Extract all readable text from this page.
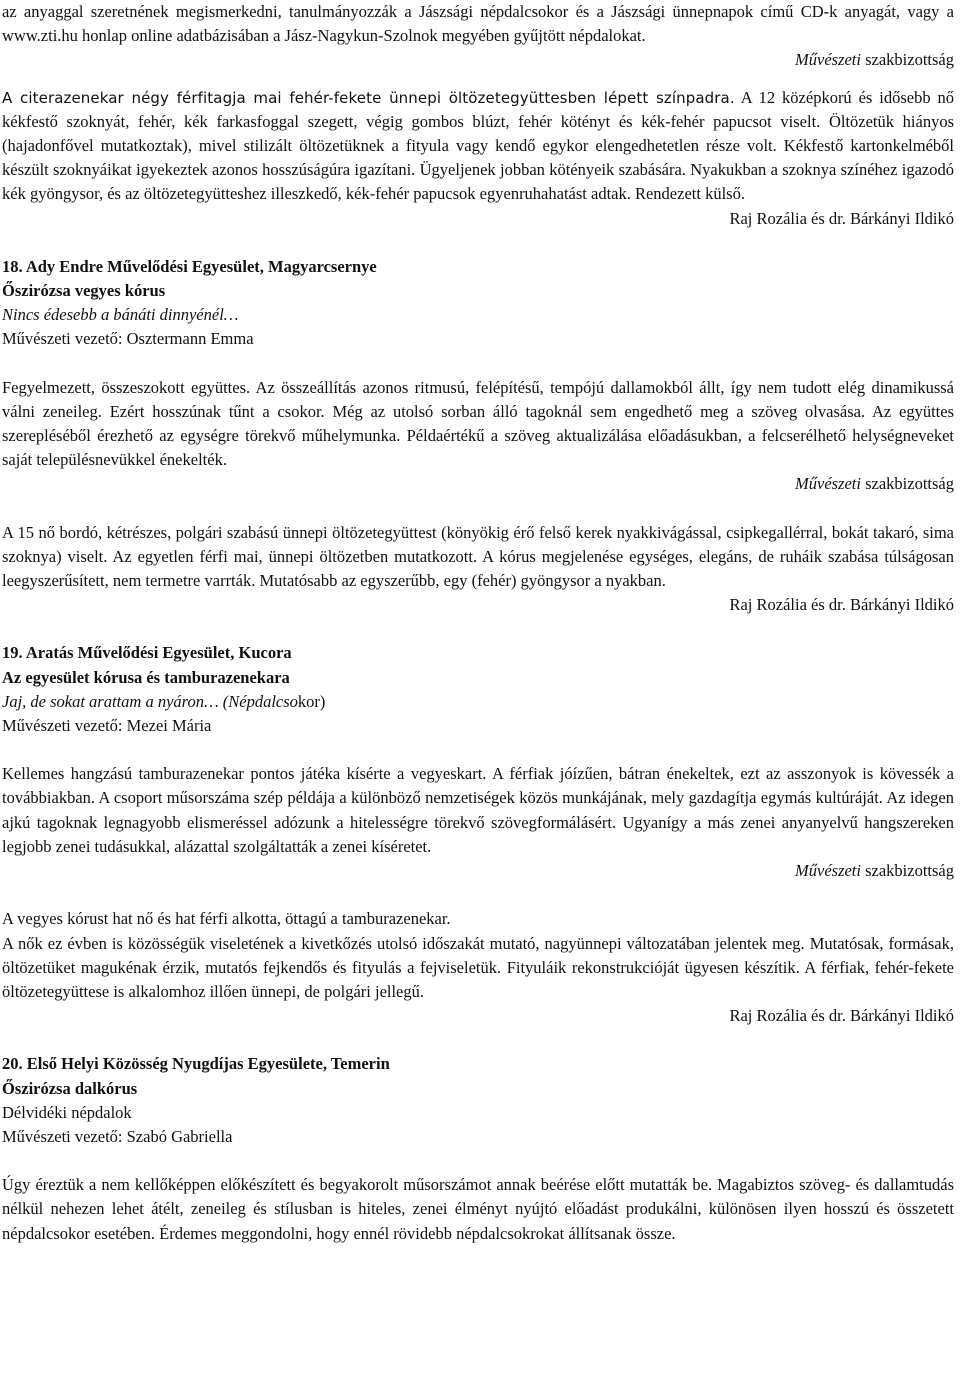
az anyaggal szeretnének megismerkedni, tanulmányozzák a Jászsági népdalcsokor és a Jászsági ünnepnapok című CD-k anyagát, vagy a www.zti.hu honlap online adatbázisában a Jász-Nagykun-Szolnok megyében gyűjtött népdalokat.

Művészeti szakbizottság

A citerazenekar négy férfitagja mai fehér-fekete ünnepi öltözetegyüttesben lépett színpadra. A 12 középkorú és idősebb nő kékfestő szoknyát, fehér, kék farkasfoggal szegett, végig gombos blúzt, fehér kötényt és kék-fehér papucsot viselt. Öltözetük hiányos (hajadonfővel mutatkoztak), mivel stilizált öltözetüknek a fityula vagy kendő egykor elengedhetetlen része volt. Kékfestő kartonkelméből készült szoknyáikat igyekeztek azonos hosszúságúra igazítani. Ügyeljenek jobban kötényeik szabására. Nyakukban a szoknya színéhez igazodó kék gyöngysor, és az öltözetegyütteshez illeszkedő, kék-fehér papucsok egyenruhahatást adtak. Rendezett külső.

Raj Rozália és dr. Bárkányi Ildikó

18. Ady Endre Művelődési Egyesület, Magyarcsernye

Őszirózsa vegyes kórus

Nincs édesebb a bánáti dinnyénél…

Művészeti vezető: Osztermann Emma

Fegyelmezett, összeszokott együttes. Az összeállítás azonos ritmusú, felépítésű, tempójú dallamokból állt, így nem tudott elég dinamikussá válni zeneileg. Ezért hosszúnak tűnt a csokor. Még az utolsó sorban álló tagoknál sem engedhető meg a szöveg olvasása. Az együttes szerepléséből érezhető az egységre törekvő műhelymunka. Példaértékű a szöveg aktualizálása előadásukban, a felcserélhető helységneveket saját településnevükkel énekelték.

Művészeti szakbizottság

A 15 nő bordó, kétrészes, polgári szabású ünnepi öltözetegyüttest (könyökig érő felső kerek nyakkivágással, csipkegallérral, bokát takaró, sima szoknya) viselt. Az egyetlen férfi mai, ünnepi öltözetben mutatkozott. A kórus megjelenése egységes, elegáns, de ruháik szabása túlságosan leegyszerűsített, nem termetre varrták. Mutatósabb az egyszerűbb, egy (fehér) gyöngysor a nyakban.

Raj Rozália és dr. Bárkányi Ildikó

19. Aratás Művelődési Egyesület, Kucora

Az egyesület kórusa és tamburazenekara

Jaj, de sokat arattam a nyáron… (Népdalcsokor)

Művészeti vezető: Mezei Mária

Kellemes hangzású tamburazenekar pontos játéka kísérte a vegyeskart. A férfiak jóízűen, bátran énekeltek, ezt az asszonyok is kövessék a továbbiakban. A csoport műsorszáma szép példája a különböző nemzetiségek közös munkájának, mely gazdagítja egymás kultúráját. Az idegen ajkú tagoknak legnagyobb elismeréssel adózunk a hitelességre törekvő szövegformálásért. Ugyanígy a más zenei anyanyelvű hangszereken legjobb zenei tudásukkal, alázattal szolgáltatták a zenei kíséretet.

Művészeti szakbizottság

A vegyes kórust hat nő és hat férfi alkotta, öttagú a tamburazenekar.

A nők ez évben is közösségük viseletének a kivetkőzés utolsó időszakát mutató, nagyünnepi változatában jelentek meg. Mutatósak, formásak, öltözetüket magukénak érzik, mutatós fejkendős és fityulás a fejviseletük. Fityuláik rekonstrukcióját ügyesen készítik. A férfiak, fehér-fekete öltözetegyüttese is alkalomhoz illően ünnepi, de polgári jellegű.

Raj Rozália és dr. Bárkányi Ildikó

20. Első Helyi Közösség Nyugdíjas Egyesülete, Temerin

Őszirózsa dalkórus

Délvidéki népdalok

Művészeti vezető: Szabó Gabriella

Úgy éreztük a nem kellőképpen előkészített és begyakorolt műsorszámot annak beérése előtt mutatták be. Magabiztos szöveg- és dallamtudás nélkül nehezen lehet átélt, zeneileg és stílusban is hiteles, zenei élményt nyújtó előadást produkálni, különösen ilyen hosszú és összetett népdalcsokor esetében. Érdemes meggondolni, hogy ennél rövidebb népdalcsokrokat állítsanak össze.
